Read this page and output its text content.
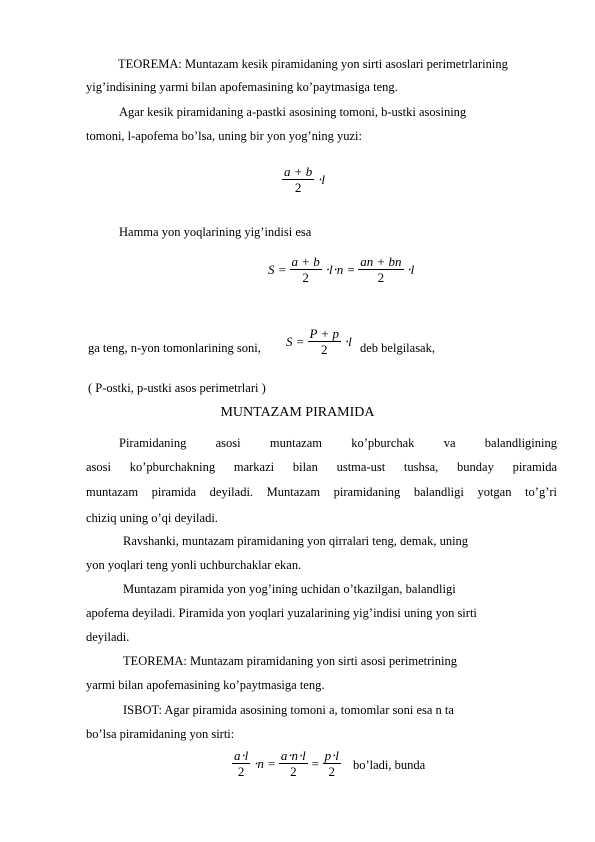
TEOREMA: Muntazam kesik piramidaning yon sirti asoslari perimetrlarining
yig’indisining yarmi bilan apofemasining ko’paytmasiga teng.
Agar kesik piramidaning a-pastki asosining tomoni, b-ustki asosining
tomoni, l-apofema bo’lsa, uning bir yon yog’ning yuzi:
$\frac{a + b}{2} \cdot l$
Hamma yon yoqlarining yig’indisi esa
$S = \frac{a + b}{2} \cdot l\cdot n = \frac{an + bn}{2} \cdot l$
ga teng, n-yon tomonlarining soni, $S = \frac{P + p}{2} \cdot l$ deb belgilasak,
( P-ostki, p-ustki asos perimetrlari )
MUNTAZAM PIRAMIDA
Piramidaning asosi muntazam ko’pburchak va balandligining
asosi ko’pburchakning markazi bilan ustma-ust tushsa, bunday piramida
muntazam piramida deyiladi. Muntazam piramidaning balandligi yotgan to’g’ri
chiziq uning o’qi deyiladi.
Ravshanki, muntazam piramidaning yon qirralari teng, demak, uning
yon yoqlari teng yonli uchburchaklar ekan.
Muntazam piramida yon yog’ining uchidan o’tkazilgan, balandligi
apofema deyiladi. Piramida yon yoqlari yuzalarining yig’indisi uning yon sirti
deyiladi.
TEOREMA: Muntazam piramidaning yon sirti asosi perimetrining
yarmi bilan apofemasining ko’paytmasiga teng.
ISBOT: Agar piramida asosining tomoni a, tomomlar soni esa n ta
bo’lsa piramidaning yon sirti:
$\frac{a\cdot l}{2} \cdot n = \frac{a\cdot n\cdot l}{2} = \frac{p\cdot l}{2}$ bo’ladi, bunda
